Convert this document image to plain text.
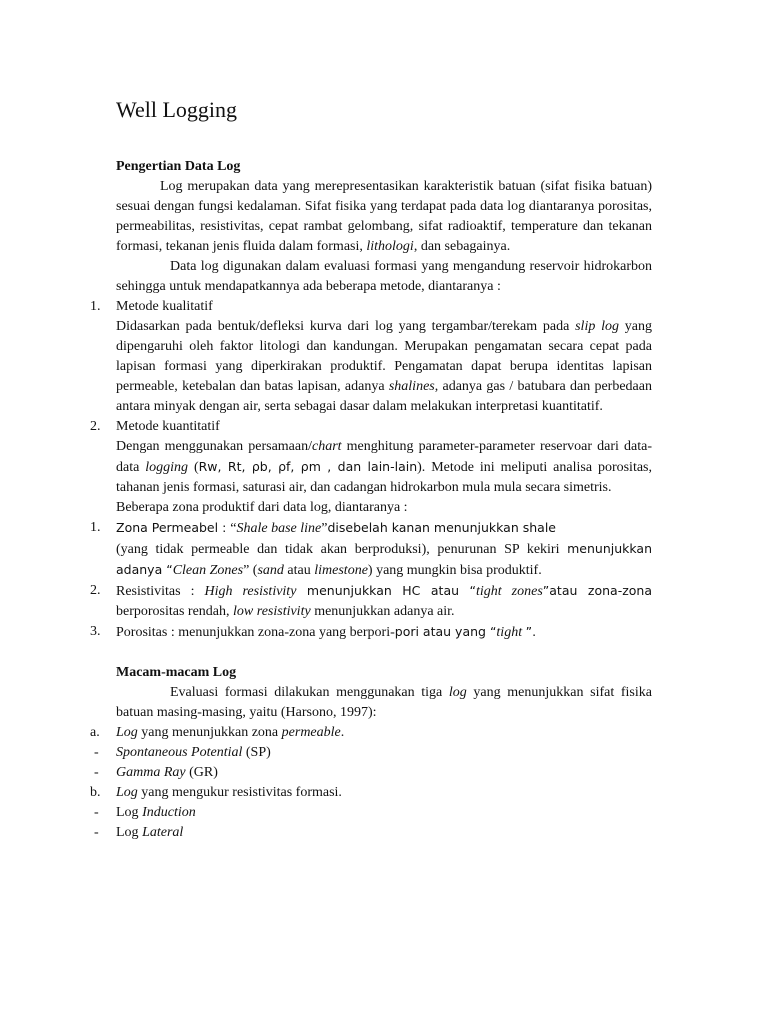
Well Logging

Pengertian Data Log

Log merupakan data yang merepresentasikan karakteristik batuan (sifat fisika batuan) sesuai dengan fungsi kedalaman. Sifat fisika yang terdapat pada data log diantaranya porositas, permeabilitas, resistivitas, cepat rambat gelombang, sifat radioaktif, temperature dan tekanan formasi, tekanan jenis fluida dalam formasi, lithologi, dan sebagainya.

Data log digunakan dalam evaluasi formasi yang mengandung reservoir hidrokarbon sehingga untuk mendapatkannya ada beberapa metode, diantaranya :

1.	Metode kualitatif

Didasarkan pada bentuk/defleksi kurva dari log yang tergambar/terekam pada slip log yang dipengaruhi oleh faktor litologi dan kandungan. Merupakan pengamatan secara cepat pada lapisan formasi yang diperkirakan produktif. Pengamatan dapat berupa identitas lapisan permeable, ketebalan dan batas lapisan, adanya shalines, adanya gas / batubara dan perbedaan antara minyak dengan air, serta sebagai dasar dalam melakukan interpretasi kuantitatif.

2.	Metode kuantitatif

Dengan menggunakan persamaan/chart menghitung parameter-parameter reservoar dari data-data logging (Rw, Rt, ρb, ρf, ρm , dan lain-lain). Metode ini meliputi analisa porositas, tahanan jenis formasi, saturasi air, dan cadangan hidrokarbon mula mula secara simetris.

Beberapa zona produktif dari data log, diantaranya :

1.	Zona Permeabel : “Shale base line”disebelah kanan menunjukkan shale

(yang tidak permeable dan tidak akan berproduksi), penurunan SP kekiri menunjukkan adanya “Clean Zones” (sand atau limestone) yang mungkin bisa produktif.

2.	Resistivitas : High resistivity menunjukkan HC atau “tight zones”atau zona-zona berporositas rendah, low resistivity menunjukkan adanya air.

3.	Porositas : menunjukkan zona-zona yang berpori-pori atau yang “tight ”.

Macam-macam Log

Evaluasi formasi dilakukan menggunakan tiga log yang menunjukkan sifat fisika batuan masing-masing, yaitu (Harsono, 1997):

a.	Log yang menunjukkan zona permeable.

-	Spontaneous Potential (SP)

-	Gamma Ray (GR)

b.	Log yang mengukur resistivitas formasi.

-	Log Induction

-	Log Lateral
